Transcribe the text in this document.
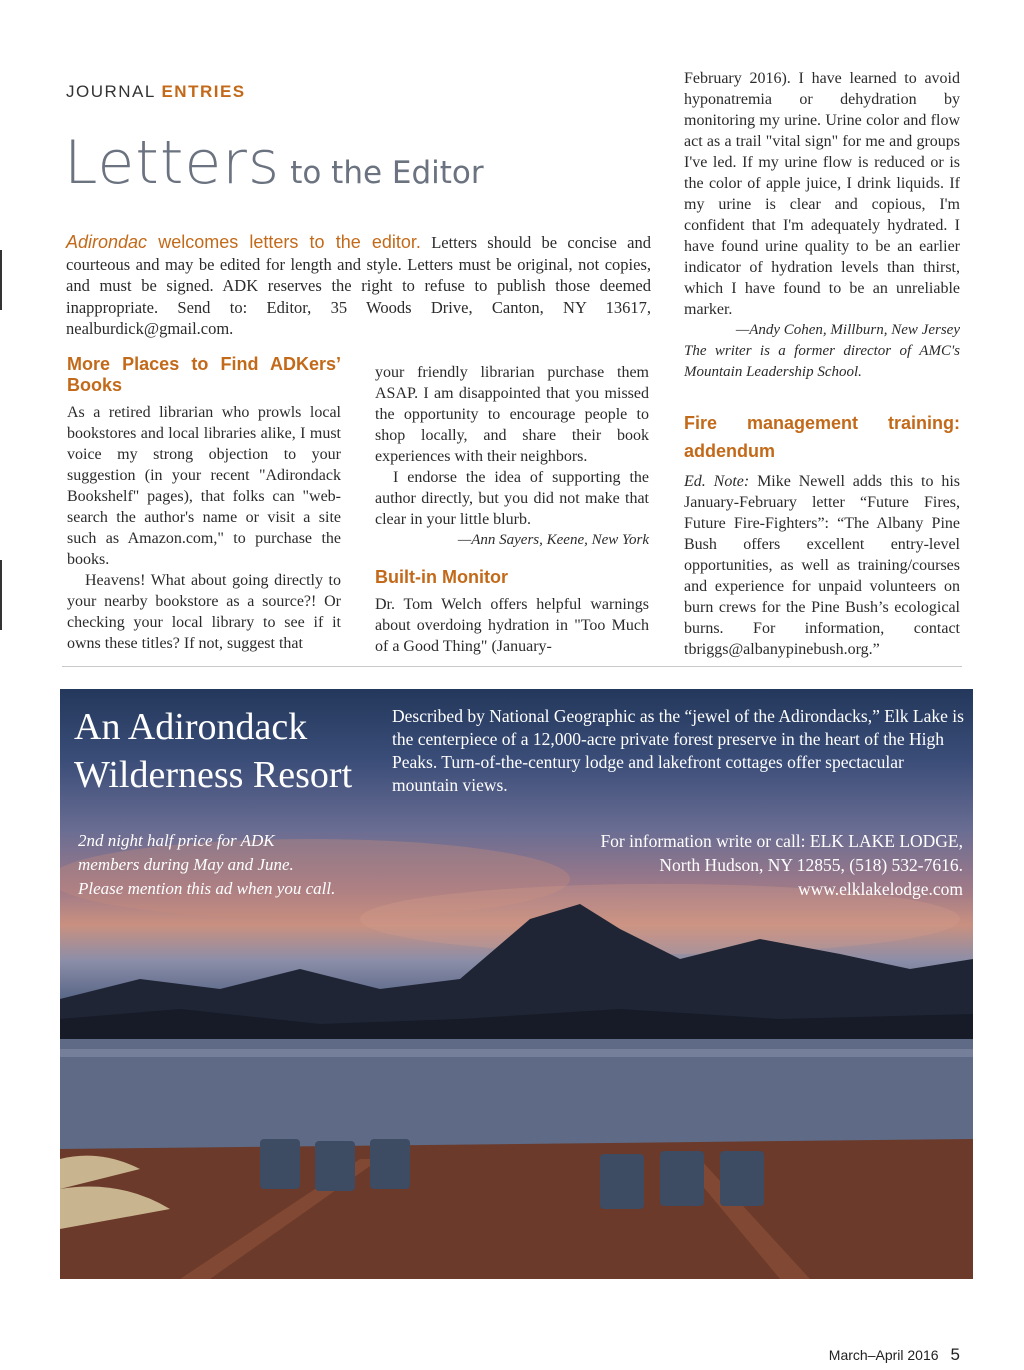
JOURNAL ENTRIES
Letters to the Editor
Adirondac welcomes letters to the editor. Letters should be concise and courteous and may be edited for length and style. Letters must be original, not copies, and must be signed. ADK reserves the right to refuse to publish those deemed inappropriate. Send to: Editor, 35 Woods Drive, Canton, NY 13617, nealburdick@gmail.com.
More Places to Find ADKers’ Books

As a retired librarian who prowls local bookstores and local libraries alike, I must voice my strong objection to your suggestion (in your recent "Adirondack Bookshelf" pages), that folks can "web-search the author's name or visit a site such as Amazon.com," to purchase the books.

Heavens! What about going directly to your nearby bookstore as a source?! Or checking your local library to see if it owns these titles? If not, suggest that

your friendly librarian purchase them ASAP. I am disappointed that you missed the opportunity to encourage people to shop locally, and share their book experiences with their neighbors.

I endorse the idea of supporting the author directly, but you did not make that clear in your little blurb.

—Ann Sayers, Keene, New York

Built-in Monitor

Dr. Tom Welch offers helpful warnings about overdoing hydration in "Too Much of a Good Thing" (January-

February 2016). I have learned to avoid hyponatremia or dehydration by monitoring my urine. Urine color and flow act as a trail "vital sign" for me and groups I've led. If my urine flow is reduced or is the color of apple juice, I drink liquids. If my urine is clear and copious, I'm confident that I'm adequately hydrated. I have found urine quality to be an earlier indicator of hydration levels than thirst, which I have found to be an unreliable marker.

—Andy Cohen, Millburn, New Jersey

The writer is a former director of AMC's Mountain Leadership School.

Fire management training: addendum

Ed. Note: Mike Newell adds this to his January-February letter “Future Fires, Future Fire-Fighters”: “The Albany Pine Bush offers excellent entry-level opportunities, as well as training/courses and experience for unpaid volunteers on burn crews for the Pine Bush’s ecological burns. For information, contact tbriggs@albanypinebush.org.”

An Adirondack
Wilderness Resort
Described by National Geographic as the “jewel of the Adirondacks,” Elk Lake is the centerpiece of a 12,000-acre private forest preserve in the heart of the High Peaks. Turn-of-the-century lodge and lakefront cottages offer spectacular mountain views.
2nd night half price for ADK
members during May and June.
Please mention this ad when you call.
For information write or call: ELK LAKE LODGE,
North Hudson, NY 12855, (518) 532-7616.
www.elklakelodge.com
March–April 2016 5
